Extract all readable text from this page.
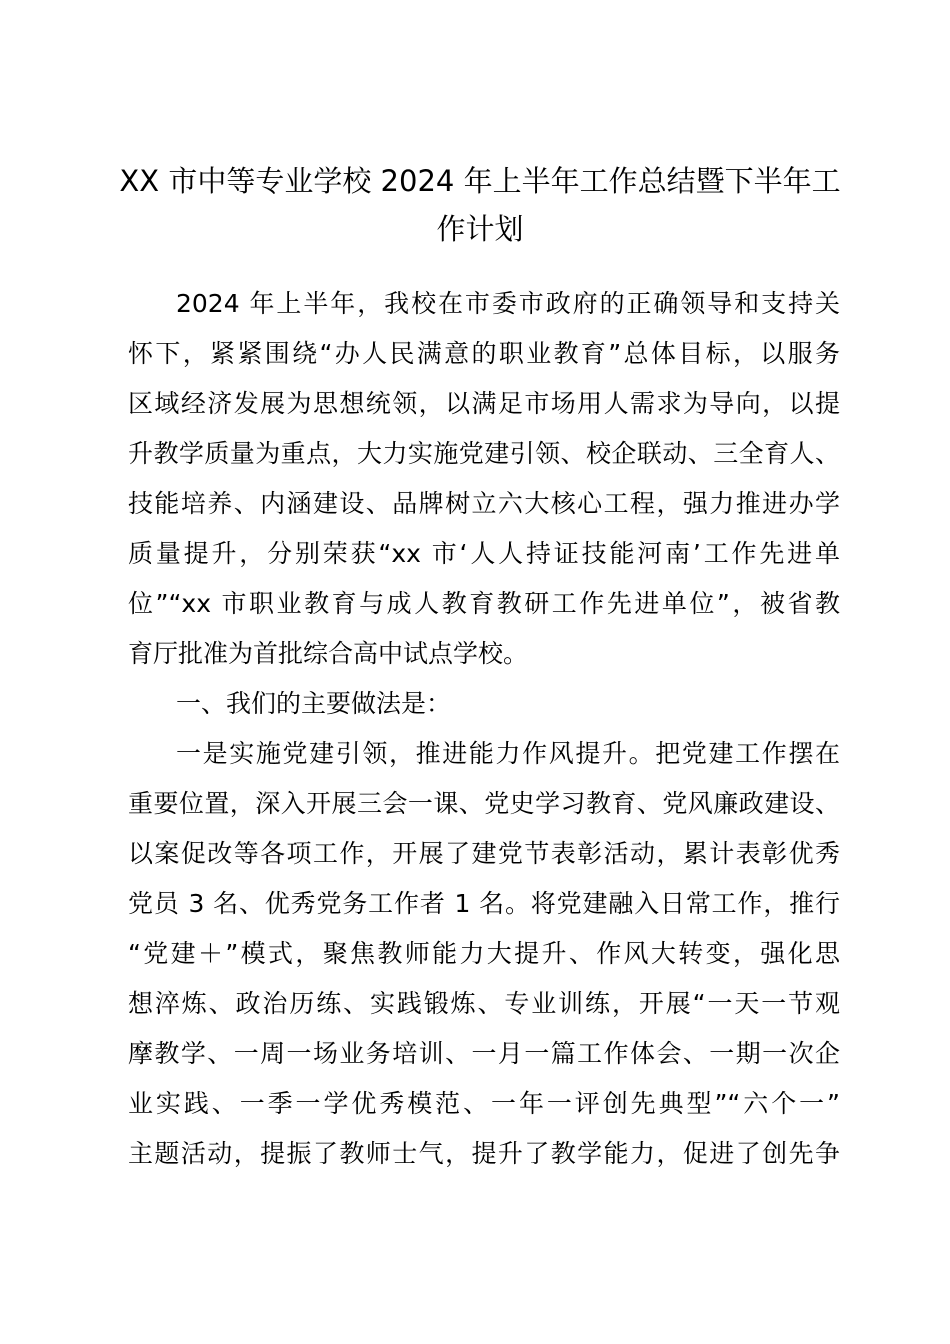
XX 市中等专业学校 2024 年上半年工作总结暨下半年工
作计划
2024 年上半年，我校在市委市政府的正确领导和支持关
怀下，紧紧围绕“办人民满意的职业教育”总体目标，以服务
区域经济发展为思想统领，以满足市场用人需求为导向，以提
升教学质量为重点，大力实施党建引领、校企联动、三全育人、
技能培养、内涵建设、品牌树立六大核心工程，强力推进办学
质量提升，分别荣获“xx 市‘人人持证技能河南’工作先进单
位”“xx 市职业教育与成人教育教研工作先进单位”，被省教
育厅批准为首批综合高中试点学校。
一、我们的主要做法是：
一是实施党建引领，推进能力作风提升。把党建工作摆在
重要位置，深入开展三会一课、党史学习教育、党风廉政建设、
以案促改等各项工作，开展了建党节表彰活动，累计表彰优秀
党员 3 名、优秀党务工作者 1 名。将党建融入日常工作，推行
“党建＋”模式，聚焦教师能力大提升、作风大转变，强化思
想淬炼、政治历练、实践锻炼、专业训练，开展“一天一节观
摩教学、一周一场业务培训、一月一篇工作体会、一期一次企
业实践、一季一学优秀模范、一年一评创先典型”“六个一”
主题活动，提振了教师士气，提升了教学能力，促进了创先争
